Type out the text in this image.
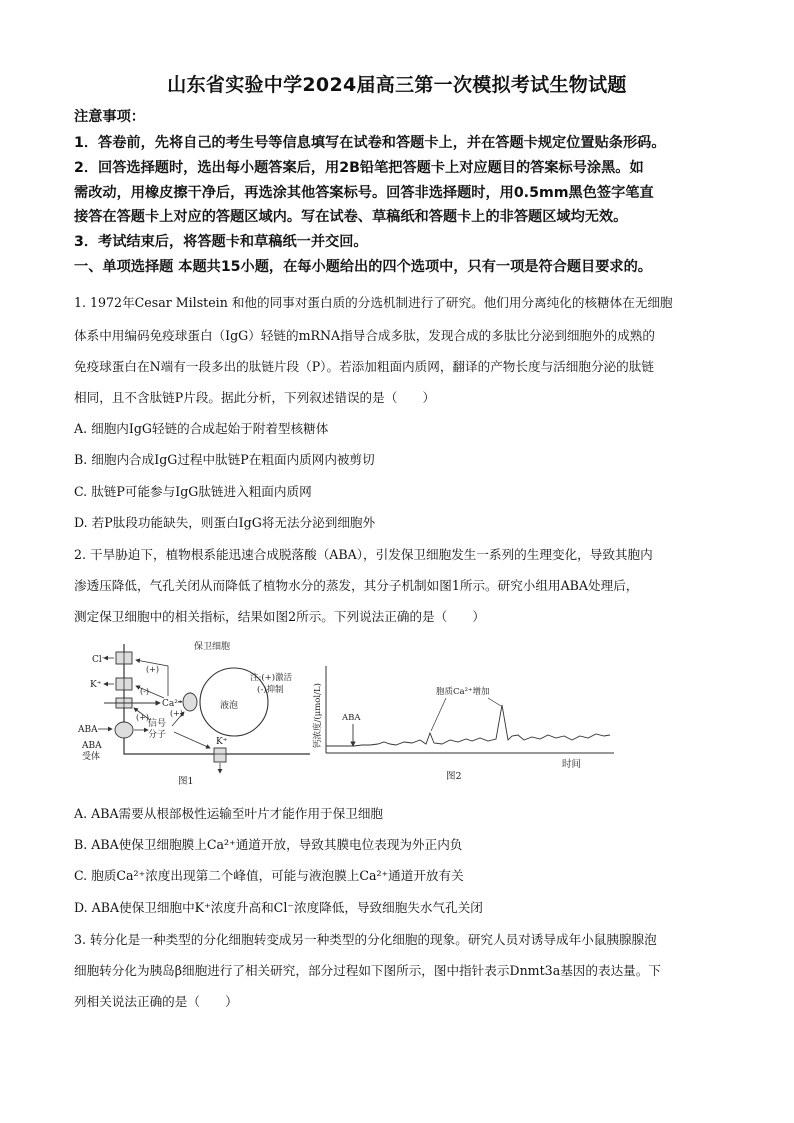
山东省实验中学2024届高三第一次模拟考试生物试题
注意事项：
1．答卷前，先将自己的考生号等信息填写在试卷和答题卡上，并在答题卡规定位置贴条形码。
2．回答选择题时，选出每小题答案后，用2B铅笔把答题卡上对应题目的答案标号涂黑。如
需改动，用橡皮擦干净后，再选涂其他答案标号。回答非选择题时，用0.5mm黑色签字笔直
接答在答题卡上对应的答题区域内。写在试卷、草稿纸和答题卡上的非答题区域均无效。
3．考试结束后，将答题卡和草稿纸一并交回。
一、单项选择题 本题共15小题，在每小题给出的四个选项中，只有一项是符合题目要求的。
1. 1972年Cesar Milstein 和他的同事对蛋白质的分选机制进行了研究。他们用分离纯化的核糖体在无细胞
体系中用编码免疫球蛋白（IgG）轻链的mRNA指导合成多肽，发现合成的多肽比分泌到细胞外的成熟的
免疫球蛋白在N端有一段多出的肽链片段（P）。若添加粗面内质网，翻译的产物长度与活细胞分泌的肽链
相同，且不含肽链P片段。据此分析，下列叙述错误的是（　　）
A. 细胞内IgG轻链的合成起始于附着型核糖体
B. 细胞内合成IgG过程中肽链P在粗面内质网内被剪切
C. 肽链P可能参与IgG肽链进入粗面内质网
D. 若P肽段功能缺失，则蛋白IgG将无法分泌到细胞外
2. 干旱胁迫下，植物根系能迅速合成脱落酸（ABA），引发保卫细胞发生一系列的生理变化，导致其胞内
渗透压降低，气孔关闭从而降低了植物水分的蒸发，其分子机制如图1所示。研究小组用ABA处理后，
测定保卫细胞中的相关指标，结果如图2所示。下列说法正确的是（　　）
保卫细胞
液泡
Cl⁻
K⁺
Ca²⁺
(+)
(-)
(+)
ABA
ABA
受体
信号
分子
(+)
K⁺
注:(+)激活
(-)抑制
图1
钙浓度/(μmol/L)
时间
ABA
胞质Ca²⁺增加
图2
A. ABA需要从根部极性运输至叶片才能作用于保卫细胞
B. ABA使保卫细胞膜上Ca²⁺通道开放，导致其膜电位表现为外正内负
C. 胞质Ca²⁺浓度出现第二个峰值，可能与液泡膜上Ca²⁺通道开放有关
D. ABA使保卫细胞中K⁺浓度升高和Cl⁻浓度降低，导致细胞失水气孔关闭
3. 转分化是一种类型的分化细胞转变成另一种类型的分化细胞的现象。研究人员对诱导成年小鼠胰腺腺泡
细胞转分化为胰岛β细胞进行了相关研究，部分过程如下图所示，图中指针表示Dnmt3a基因的表达量。下
列相关说法正确的是（　　）
